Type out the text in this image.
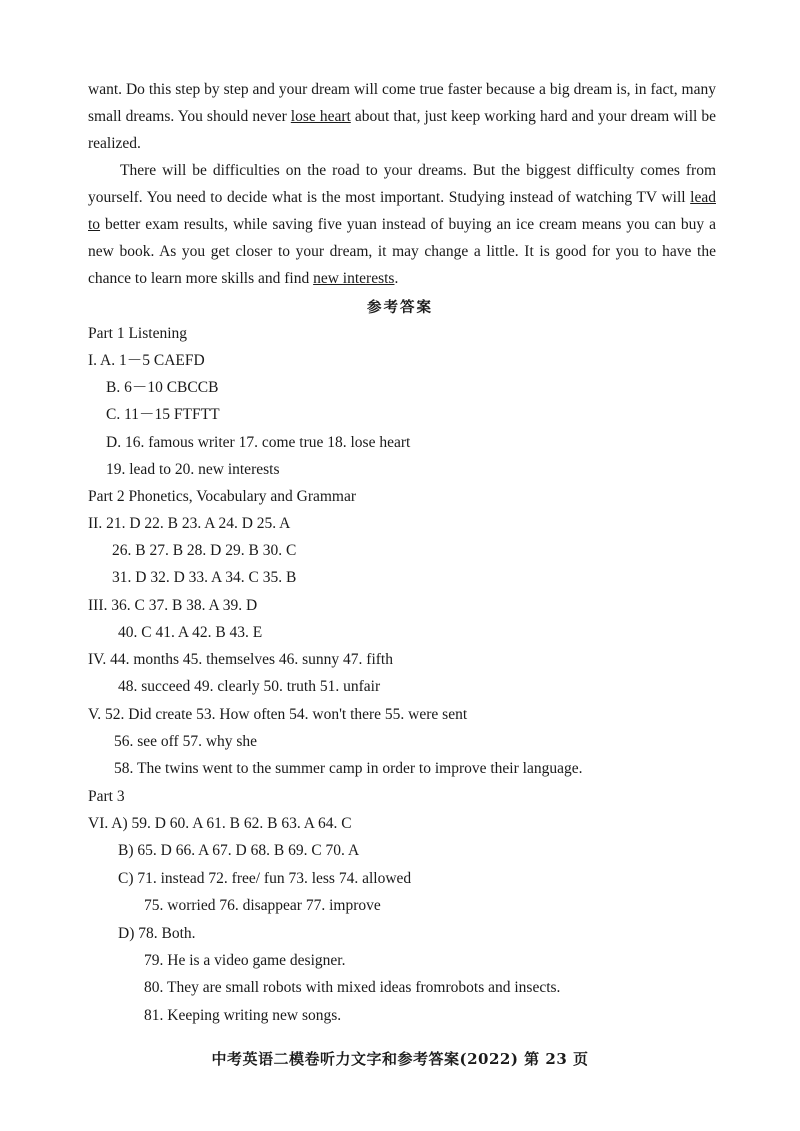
want. Do this step by step and your dream will come true faster because a big dream is, in fact, many small dreams. You should never lose heart about that, just keep working hard and your dream will be realized.

There will be difficulties on the road to your dreams. But the biggest difficulty comes from yourself. You need to decide what is the most important. Studying instead of watching TV will lead to better exam results, while saving five yuan instead of buying an ice cream means you can buy a new book. As you get closer to your dream, it may change a little. It is good for you to have the chance to learn more skills and find new interests.

参考答案
Part 1 Listening
I. A. 1－5 CAEFD
B. 6－10 CBCCB
C. 11－15 FTFTT
D. 16. famous writer 17. come true 18. lose heart
19. lead to 20. new interests
Part 2 Phonetics, Vocabulary and Grammar
II. 21. D 22. B 23. A 24. D 25. A
26. B 27. B 28. D 29. B 30. C
31. D 32. D 33. A 34. C 35. B
III. 36. C 37. B 38. A 39. D
40. C 41. A 42. B 43. E
IV. 44. months 45. themselves 46. sunny 47. fifth
48. succeed 49. clearly 50. truth 51. unfair
V. 52. Did create 53. How often 54. won't there 55. were sent
56. see off 57. why she
58. The twins went to the summer camp in order to improve their language.
Part 3
VI. A) 59. D 60. A 61. B 62. B 63. A 64. C
B) 65. D 66. A 67. D 68. B 69. C 70. A
C) 71. instead 72. free/ fun 73. less 74. allowed
75. worried 76. disappear 77. improve
D) 78. Both.
79. He is a video game designer.
80. They are small robots with mixed ideas fromrobots and insects.
81. Keeping writing new songs.
中考英语二模卷听力文字和参考答案(2022) 第 23 页
